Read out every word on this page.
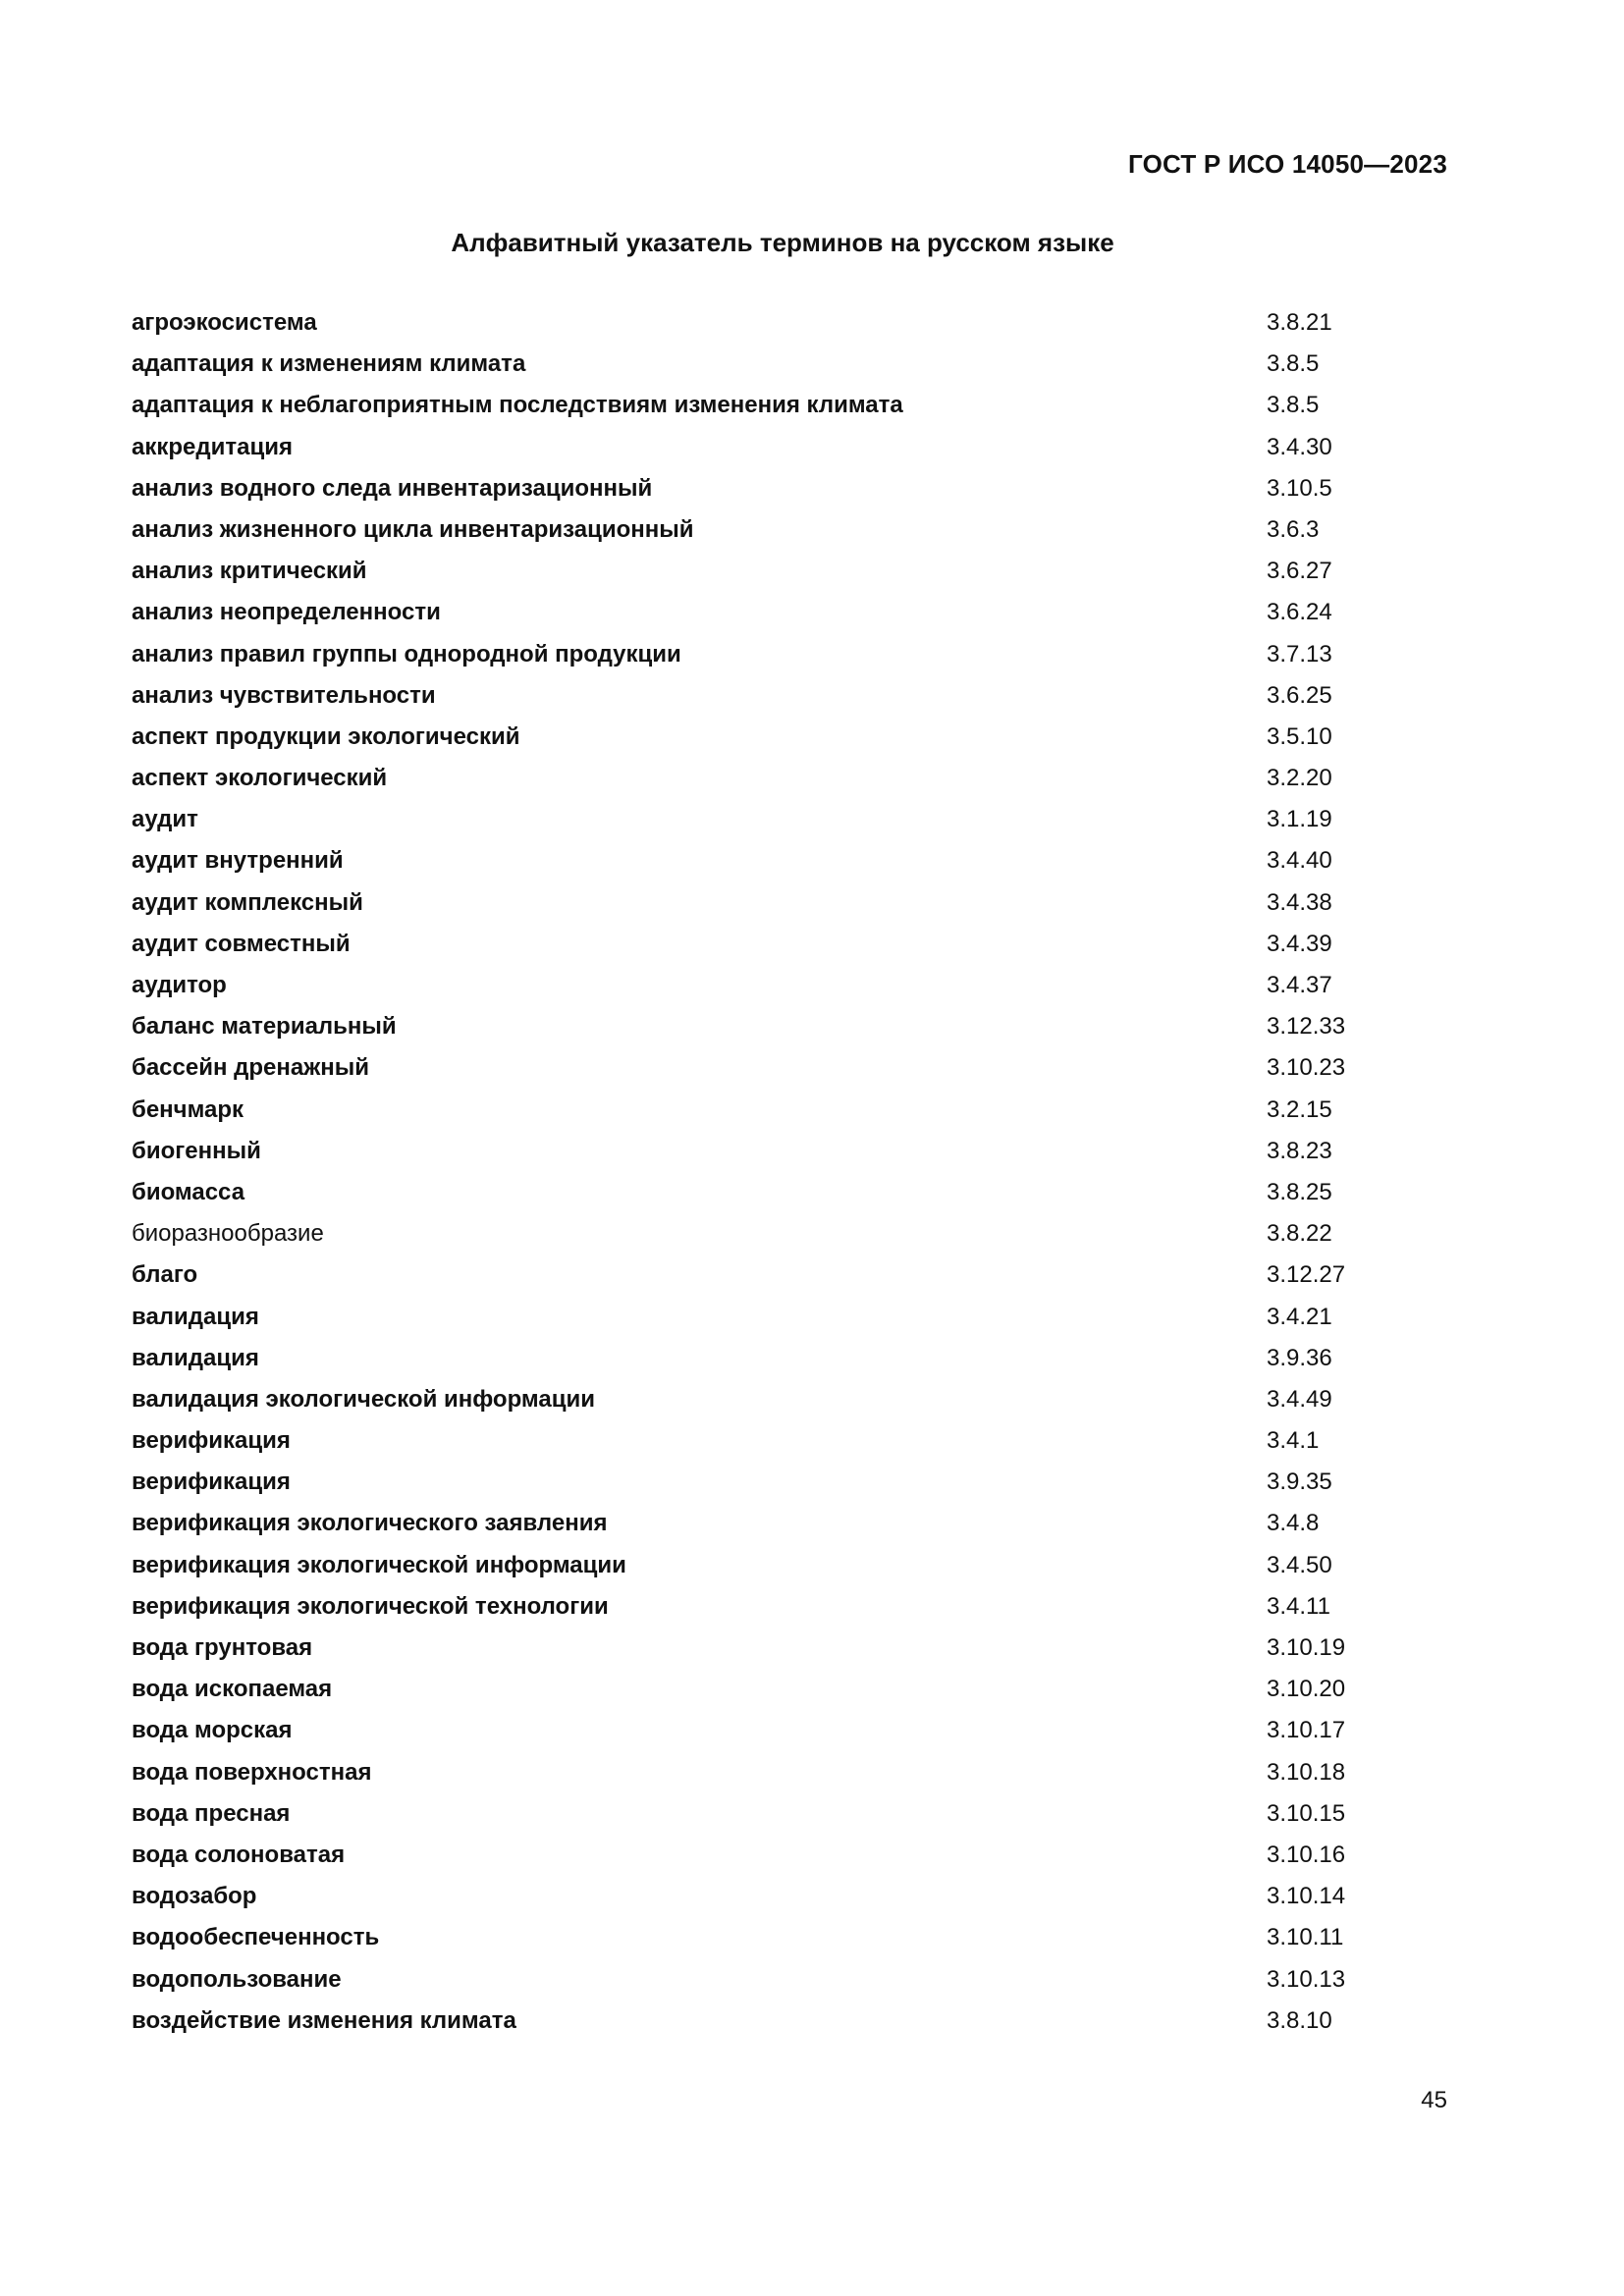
ГОСТ Р ИСО 14050—2023
Алфавитный указатель терминов на русском языке
агроэкосистема	3.8.21
адаптация к изменениям климата	3.8.5
адаптация к неблагоприятным последствиям изменения климата	3.8.5
аккредитация	3.4.30
анализ водного следа инвентаризационный	3.10.5
анализ жизненного цикла инвентаризационный	3.6.3
анализ критический	3.6.27
анализ неопределенности	3.6.24
анализ правил группы однородной продукции	3.7.13
анализ чувствительности	3.6.25
аспект продукции экологический	3.5.10
аспект экологический	3.2.20
аудит	3.1.19
аудит внутренний	3.4.40
аудит комплексный	3.4.38
аудит совместный	3.4.39
аудитор	3.4.37
баланс материальный	3.12.33
бассейн дренажный	3.10.23
бенчмарк	3.2.15
биогенный	3.8.23
биомасса	3.8.25
биоразнообразие	3.8.22
благо	3.12.27
валидация	3.4.21
валидация	3.9.36
валидация экологической информации	3.4.49
верификация	3.4.1
верификация	3.9.35
верификация экологического заявления	3.4.8
верификация экологической информации	3.4.50
верификация экологической технологии	3.4.11
вода грунтовая	3.10.19
вода ископаемая	3.10.20
вода морская	3.10.17
вода поверхностная	3.10.18
вода пресная	3.10.15
вода солоноватая	3.10.16
водозабор	3.10.14
водообеспеченность	3.10.11
водопользование	3.10.13
воздействие изменения климата	3.8.10
45
